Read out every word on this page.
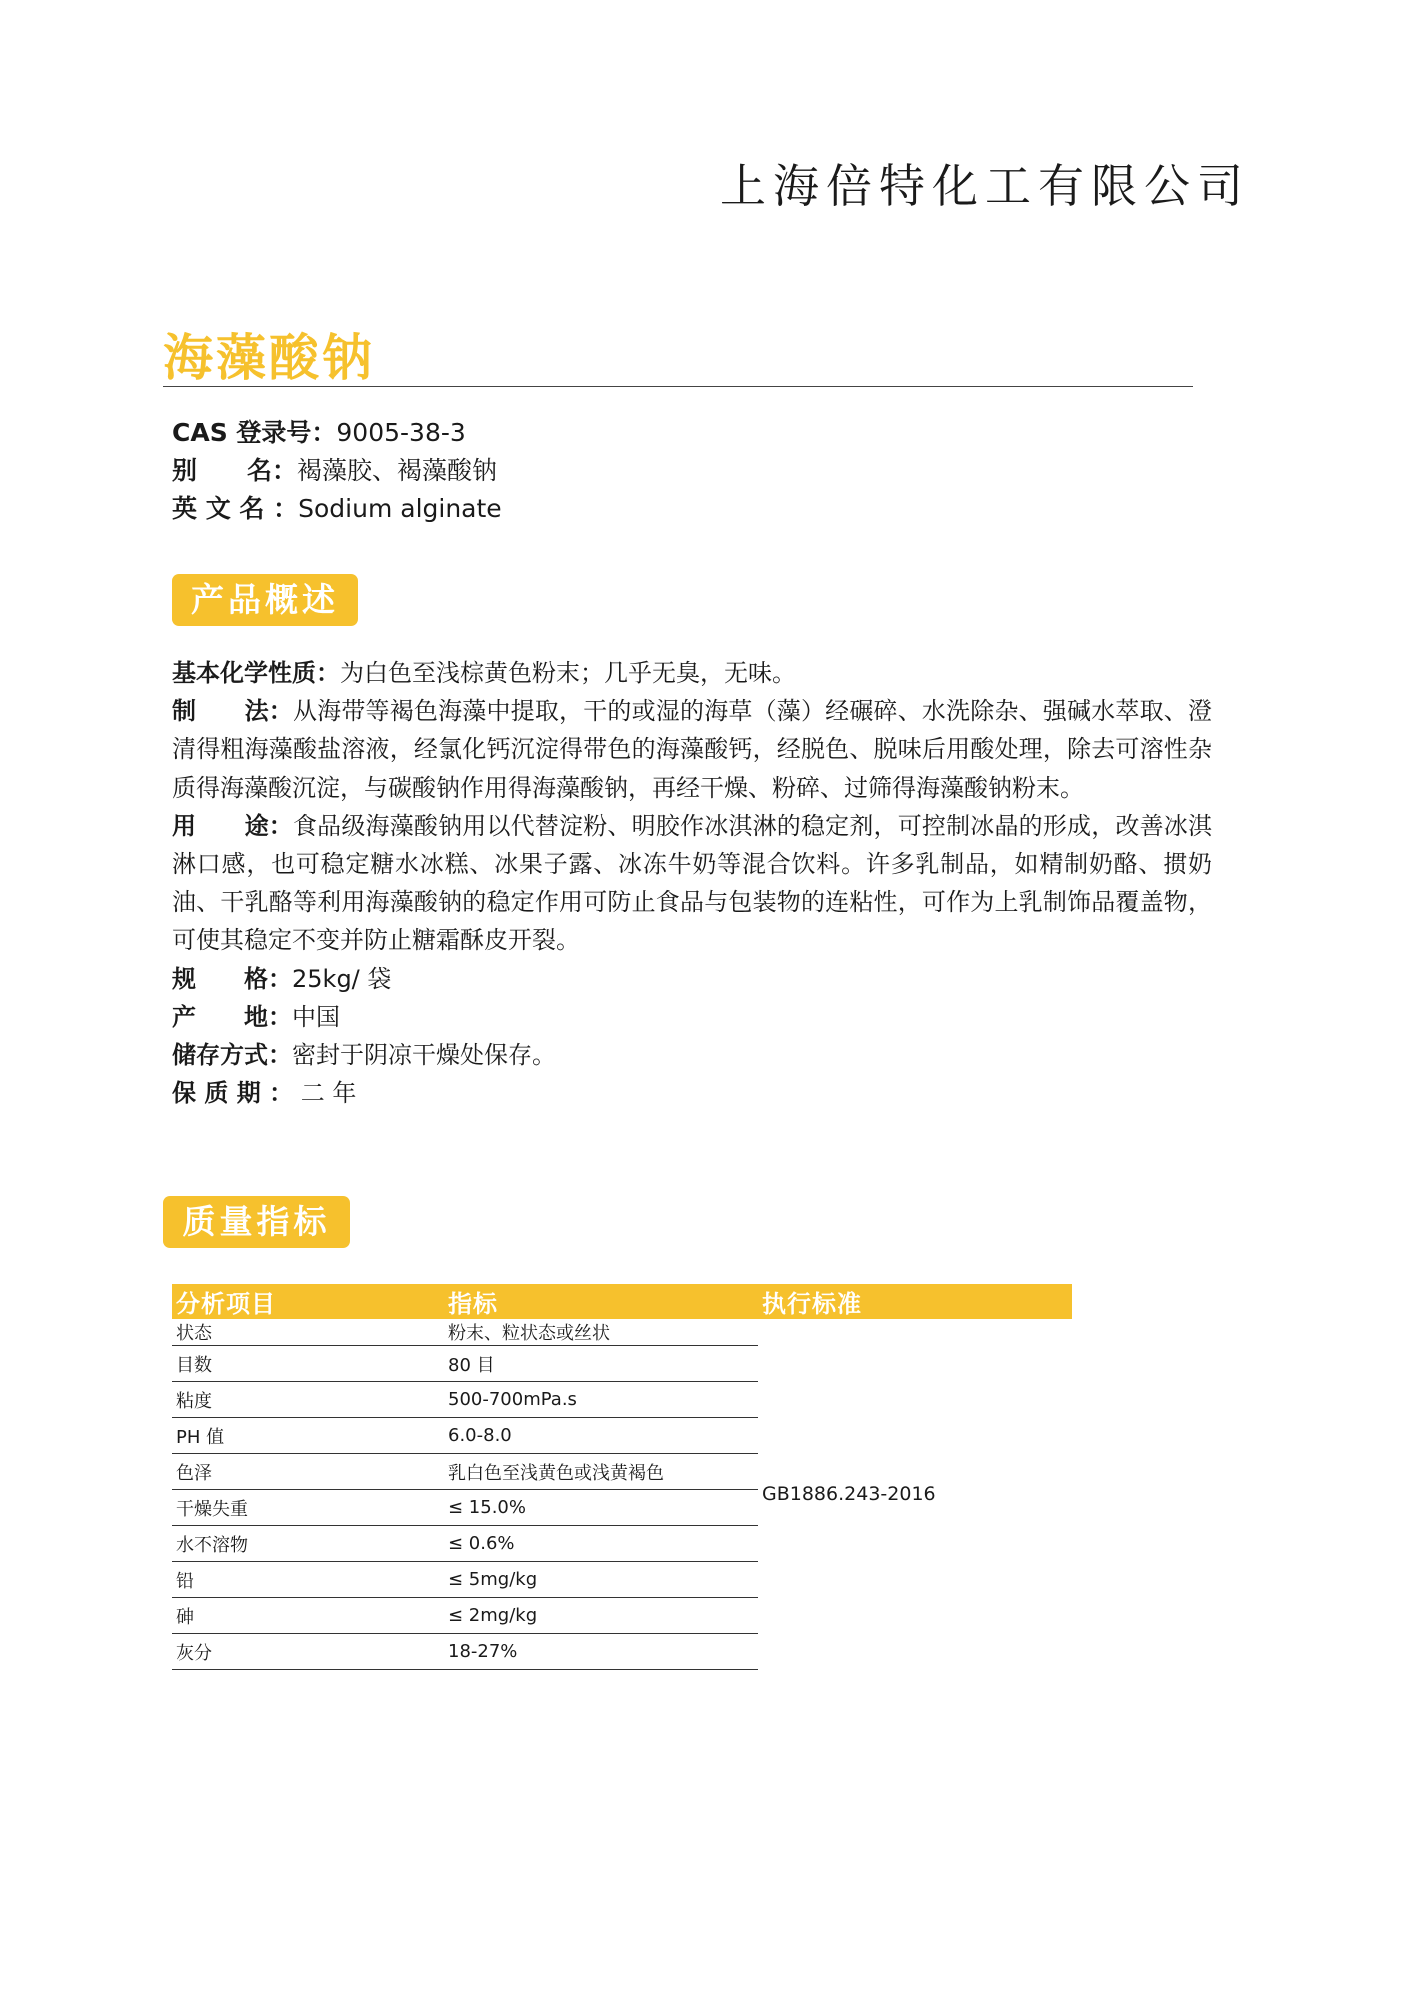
上海倍特化工有限公司
海藻酸钠
CAS 登录号：9005-38-3
别　　名：褐藻胶、褐藻酸钠
英 文 名 ：Sodium alginate
产品概述

基本化学性质：为白色至浅棕黄色粉末；几乎无臭，无味。

制　　法：从海带等褐色海藻中提取，干的或湿的海草（藻）经碾碎、水洗除杂、强碱水萃取、澄清得粗海藻酸盐溶液，经氯化钙沉淀得带色的海藻酸钙，经脱色、脱味后用酸处理，除去可溶性杂质得海藻酸沉淀，与碳酸钠作用得海藻酸钠，再经干燥、粉碎、过筛得海藻酸钠粉末。

用　　途：食品级海藻酸钠用以代替淀粉、明胶作冰淇淋的稳定剂，可控制冰晶的形成，改善冰淇淋口感，也可稳定糖水冰糕、冰果子露、冰冻牛奶等混合饮料。许多乳制品，如精制奶酪、掼奶油、干乳酪等利用海藻酸钠的稳定作用可防止食品与包装物的连粘性，可作为上乳制饰品覆盖物，可使其稳定不变并防止糖霜酥皮开裂。

规　　格：25kg/ 袋

产　　地：中国

储存方式：密封于阴凉干燥处保存。

保 质 期 ： 二 年

质量指标
分析项目	指标	执行标准
状态	粉末、粒状态或丝状	GB1886.243-2016
目数	80 目	
粘度	500-700mPa.s	
PH 值	6.0-8.0	
色泽	乳白色至浅黄色或浅黄褐色	
干燥失重	≤ 15.0%	
水不溶物	≤ 0.6%	
铅	≤ 5mg/kg	
砷	≤ 2mg/kg	
灰分	18-27%	
